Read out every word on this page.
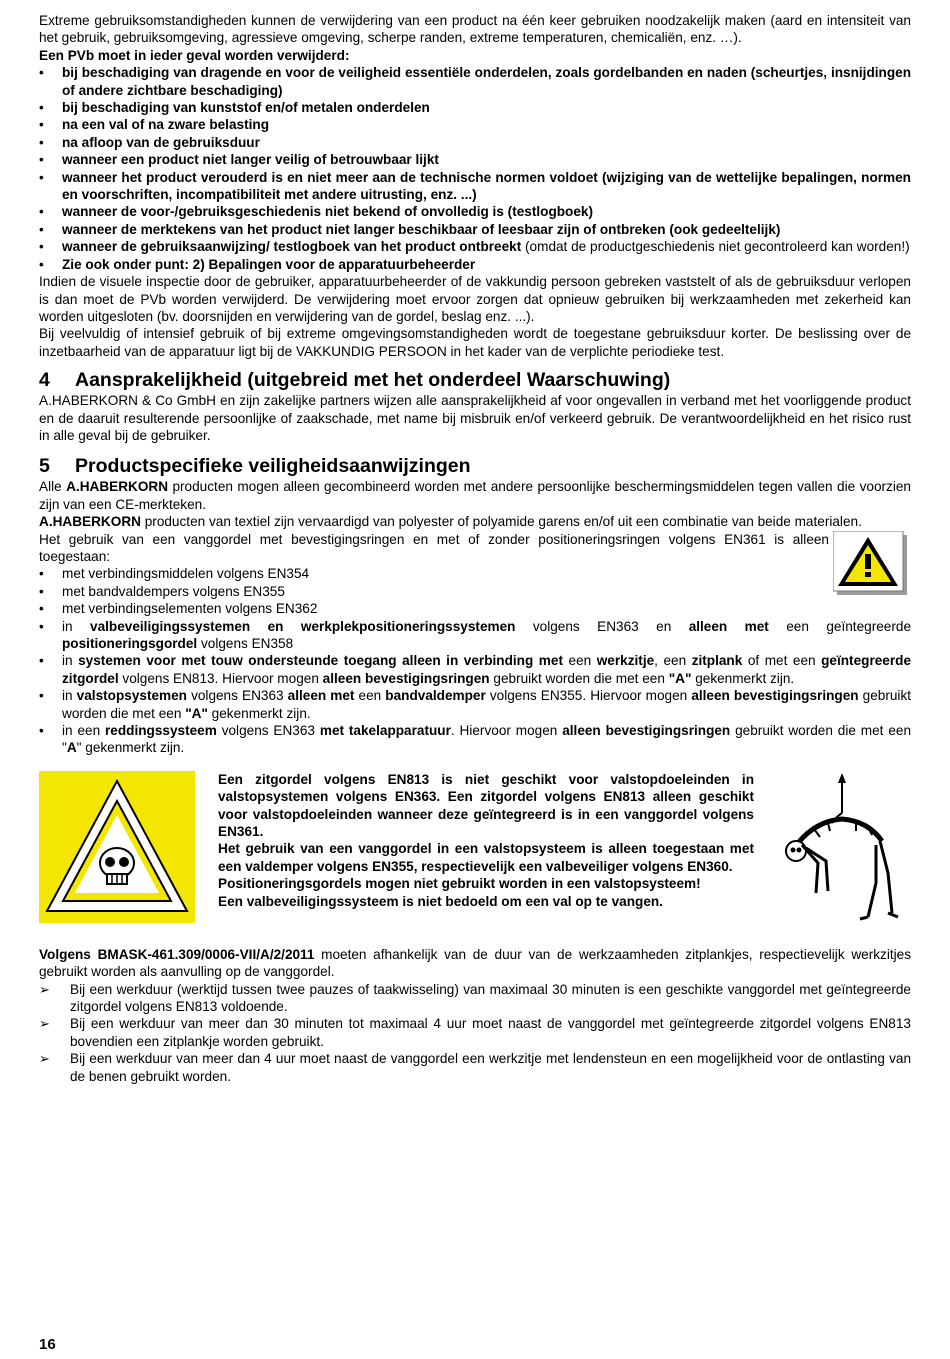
Extreme gebruiksomstandigheden kunnen de verwijdering van een product na één keer gebruiken noodzakelijk maken (aard en intensiteit van het gebruik, gebruiksomgeving, agressieve omgeving, scherpe randen, extreme temperaturen, chemicaliën, enz. …).

Een PVb moet in ieder geval worden verwijderd:

• bij beschadiging van dragende en voor de veiligheid essentiële onderdelen, zoals gordelbanden en naden (scheurtjes, insnijdingen of andere zichtbare beschadiging)
• bij beschadiging van kunststof en/of metalen onderdelen
• na een val of na zware belasting
• na afloop van de gebruiksduur
• wanneer een product niet langer veilig of betrouwbaar lijkt
• wanneer het product verouderd is en niet meer aan de technische normen voldoet (wijziging van de wettelijke bepalingen, normen en voorschriften, incompatibiliteit met andere uitrusting, enz. ...)
• wanneer de voor-/gebruiksgeschiedenis niet bekend of onvolledig is (testlogboek)
• wanneer de merktekens van het product niet langer beschikbaar of leesbaar zijn of ontbreken (ook gedeeltelijk)
• wanneer de gebruiksaanwijzing/ testlogboek van het product ontbreekt (omdat de productgeschiedenis niet gecontroleerd kan worden!)
• Zie ook onder punt: 2) Bepalingen voor de apparatuurbeheerder

Indien de visuele inspectie door de gebruiker, apparatuurbeheerder of de vakkundig persoon gebreken vaststelt of als de gebruiksduur verlopen is dan moet de PVb worden verwijderd. De verwijdering moet ervoor zorgen dat opnieuw gebruiken bij werkzaamheden met zekerheid kan worden uitgesloten (bv. doorsnijden en verwijdering van de gordel, beslag enz. ...).

Bij veelvuldig of intensief gebruik of bij extreme omgevingsomstandigheden wordt de toegestane gebruiksduur korter. De beslissing over de inzetbaarheid van de apparatuur ligt bij de VAKKUNDIG PERSOON in het kader van de verplichte periodieke test.

4	Aansprakelijkheid (uitgebreid met het onderdeel Waarschuwing)

A.HABERKORN & Co GmbH en zijn zakelijke partners wijzen alle aansprakelijkheid af voor ongevallen in verband met het voorliggende product en de daaruit resulterende persoonlijke of zaakschade, met name bij misbruik en/of verkeerd gebruik. De verantwoordelijkheid en het risico rust in alle geval bij de gebruiker.

5	Productspecifieke veiligheidsaanwijzingen

Alle A.HABERKORN producten mogen alleen gecombineerd worden met andere persoonlijke beschermingsmiddelen tegen vallen die voorzien zijn van een CE-merkteken.

A.HABERKORN producten van textiel zijn vervaardigd van polyester of polyamide garens en/of uit een combinatie van beide materialen.

Het gebruik van een vanggordel met bevestigingsringen en met of zonder positioneringsringen volgens EN361 is alleen toegestaan:

• met verbindingsmiddelen volgens EN354
• met bandvaldempers volgens EN355
• met verbindingselementen volgens EN362
• in valbeveiligingssystemen en werkplekpositioneringssystemen volgens EN363 en alleen met een geïntegreerde positioneringsgordel volgens EN358
• in systemen voor met touw ondersteunde toegang alleen in verbinding met een werkzitje, een zitplank of met een geïntegreerde zitgordel volgens EN813. Hiervoor mogen alleen bevestigingsringen gebruikt worden die met een "A" gekenmerkt zijn.
• in valstopsystemen volgens EN363 alleen met een bandvaldemper volgens EN355. Hiervoor mogen alleen bevestigingsringen gebruikt worden die met een "A" gekenmerkt zijn.
• in een reddingssysteem volgens EN363 met takelapparatuur. Hiervoor mogen alleen bevestigingsringen gebruikt worden die met een "A" gekenmerkt zijn.

Een zitgordel volgens EN813 is niet geschikt voor valstopdoeleinden in valstopsystemen volgens EN363. Een zitgordel volgens EN813 alleen geschikt voor valstopdoeleinden wanneer deze geïntegreerd is in een vanggordel volgens EN361.

Het gebruik van een vanggordel in een valstopsysteem is alleen toegestaan met een valdemper volgens EN355, respectievelijk een valbeveiliger volgens EN360.

Positioneringsgordels mogen niet gebruikt worden in een valstopsysteem!

Een valbeveiligingssysteem is niet bedoeld om een val op te vangen.

Volgens BMASK-461.309/0006-VII/A/2/2011 moeten afhankelijk van de duur van de werkzaamheden zitplankjes, respectievelijk werkzitjes gebruikt worden als aanvulling op de vanggordel.

➢ Bij een werkduur (werktijd tussen twee pauzes of taakwisseling) van maximaal 30 minuten is een geschikte vanggordel met geïntegreerde zitgordel volgens EN813 voldoende.
➢ Bij een werkduur van meer dan 30 minuten tot maximaal 4 uur moet naast de vanggordel met geïntegreerde zitgordel volgens EN813 bovendien een zitplankje worden gebruikt.
➢ Bij een werkduur van meer dan 4 uur moet naast de vanggordel een werkzitje met lendensteun en een mogelijkheid voor de ontlasting van de benen gebruikt worden.
16
